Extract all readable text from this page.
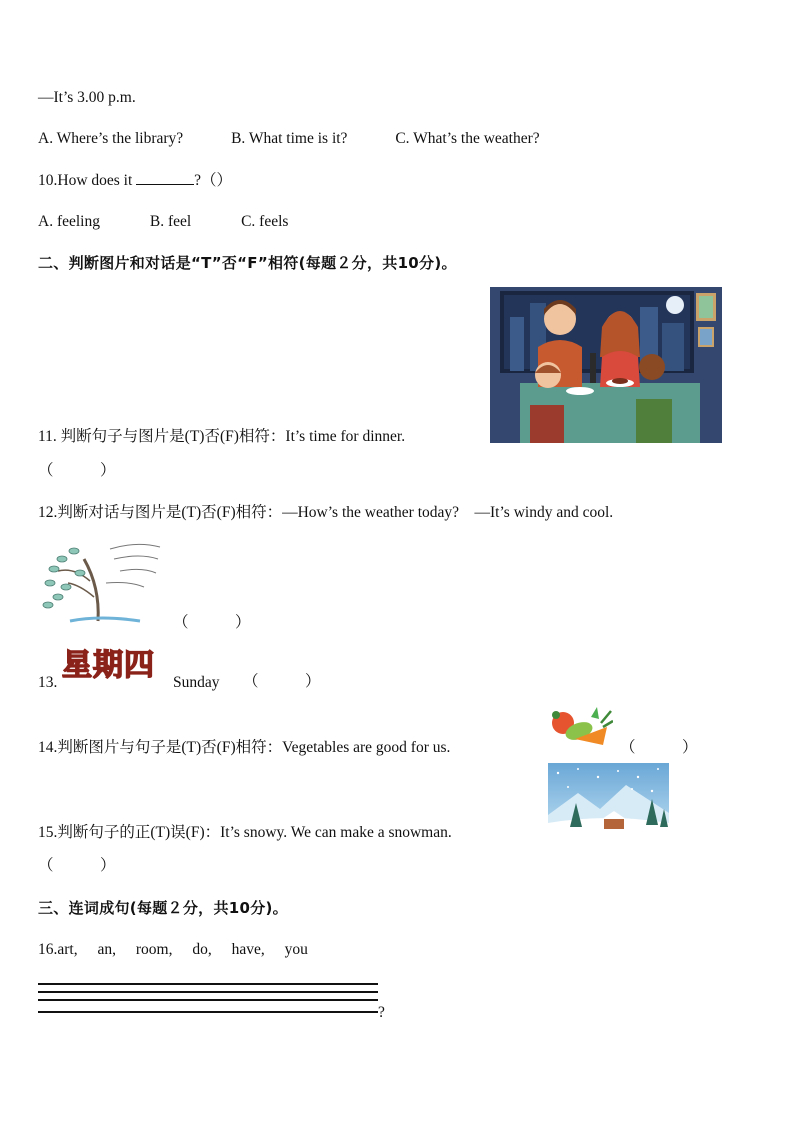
—It’s 3.00 p.m.
A. Where’s the library?	B. What time is it?	C. What’s the weather?
10.How does it	?（）
A. feeling	B. feel	C. feels
二、判断图片和对话是“T”否“F”相符(每题２分，共10分)。
11. 判断句子与图片是(T)否(F)相符：It’s time for dinner.
（　　　）
12.判断对话与图片是(T)否(F)相符：—How’s the weather today?　—It’s windy and cool.
（　　　）
13. 星期四	Sunday （　　　）
14.判断图片与句子是(T)否(F)相符：Vegetables are good for us.	（　　　）
15.判断句子的正(T)误(F)：It’s snowy. We can make a snowman.
（　　　）
三、连词成句(每题２分，共10分)。
16.art, an, room, do, have, you
?
